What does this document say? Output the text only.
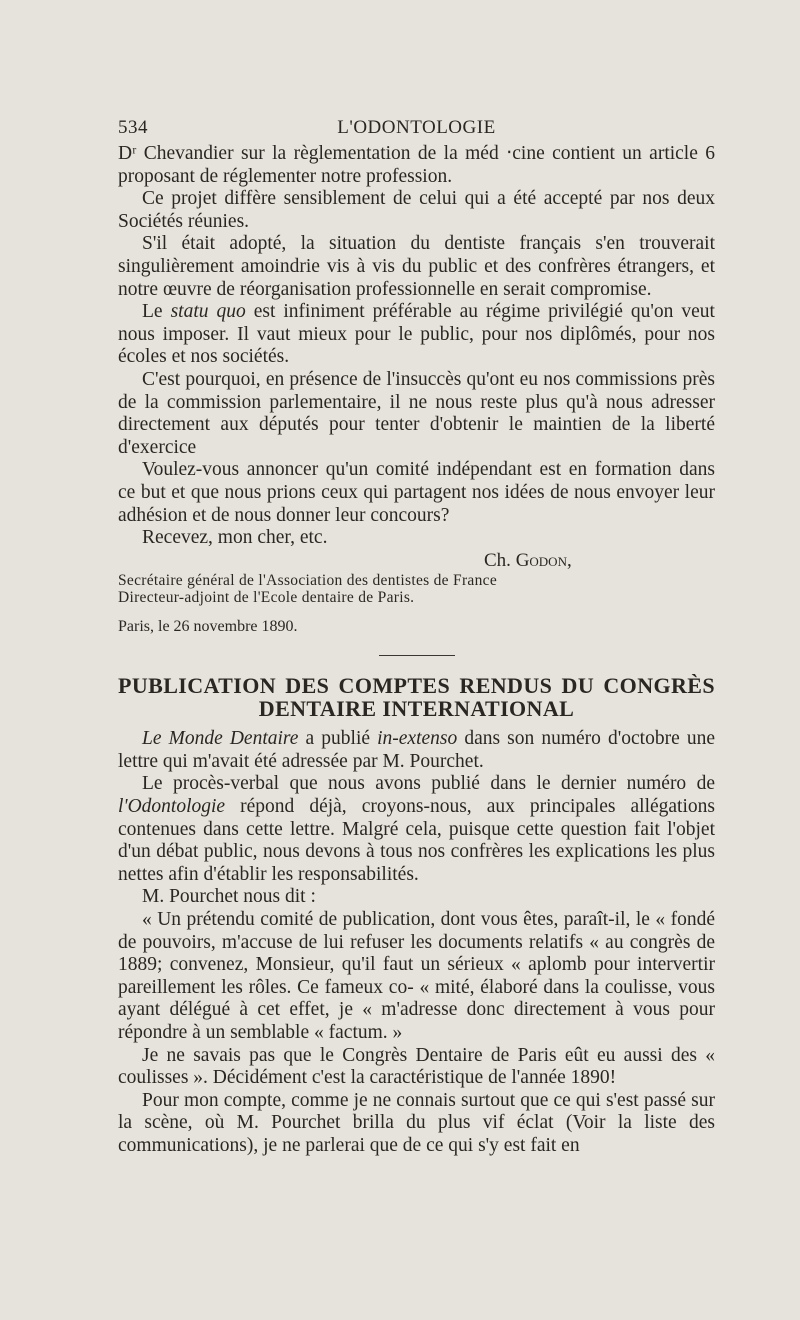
534	L'ODONTOLOGIE

Dʳ Chevandier sur la règlementation de la méd ‧cine contient un article 6 proposant de réglementer notre profession.

Ce projet diffère sensiblement de celui qui a été accepté par nos deux Sociétés réunies.

S'il était adopté, la situation du dentiste français s'en trouverait singulièrement amoindrie vis à vis du public et des confrères étrangers, et notre œuvre de réorganisation professionnelle en serait compromise.

Le statu quo est infiniment préférable au régime privilégié qu'on veut nous imposer. Il vaut mieux pour le public, pour nos diplômés, pour nos écoles et nos sociétés.

C'est pourquoi, en présence de l'insuccès qu'ont eu nos commissions près de la commission parlementaire, il ne nous reste plus qu'à nous adresser directement aux députés pour tenter d'obtenir le maintien de la liberté d'exercice

Voulez-vous annoncer qu'un comité indépendant est en formation dans ce but et que nous prions ceux qui partagent nos idées de nous envoyer leur adhésion et de nous donner leur concours?

Recevez, mon cher, etc.

Ch. Godon,

Secrétaire général de l'Association des dentistes de France

Directeur-adjoint de l'Ecole dentaire de Paris.

Paris, le 26 novembre 1890.
PUBLICATION DES COMPTES RENDUS DU CONGRÈS
DENTAIRE INTERNATIONAL

Le Monde Dentaire a publié in-extenso dans son numéro d'octobre une lettre qui m'avait été adressée par M. Pourchet.

Le procès-verbal que nous avons publié dans le dernier numéro de l'Odontologie répond déjà, croyons-nous, aux principales allégations contenues dans cette lettre. Malgré cela, puisque cette question fait l'objet d'un débat public, nous devons à tous nos confrères les explications les plus nettes afin d'établir les responsabilités.

M. Pourchet nous dit :

« Un prétendu comité de publication, dont vous êtes, paraît-il, le « fondé de pouvoirs, m'accuse de lui refuser les documents relatifs « au congrès de 1889; convenez, Monsieur, qu'il faut un sérieux « aplomb pour intervertir pareillement les rôles. Ce fameux co- « mité, élaboré dans la coulisse, vous ayant délégué à cet effet, je « m'adresse donc directement à vous pour répondre à un semblable « factum. »

Je ne savais pas que le Congrès Dentaire de Paris eût eu aussi des « coulisses ». Décidément c'est la caractéristique de l'année 1890!

Pour mon compte, comme je ne connais surtout que ce qui s'est passé sur la scène, où M. Pourchet brilla du plus vif éclat (Voir la liste des communications), je ne parlerai que de ce qui s'y est fait en
